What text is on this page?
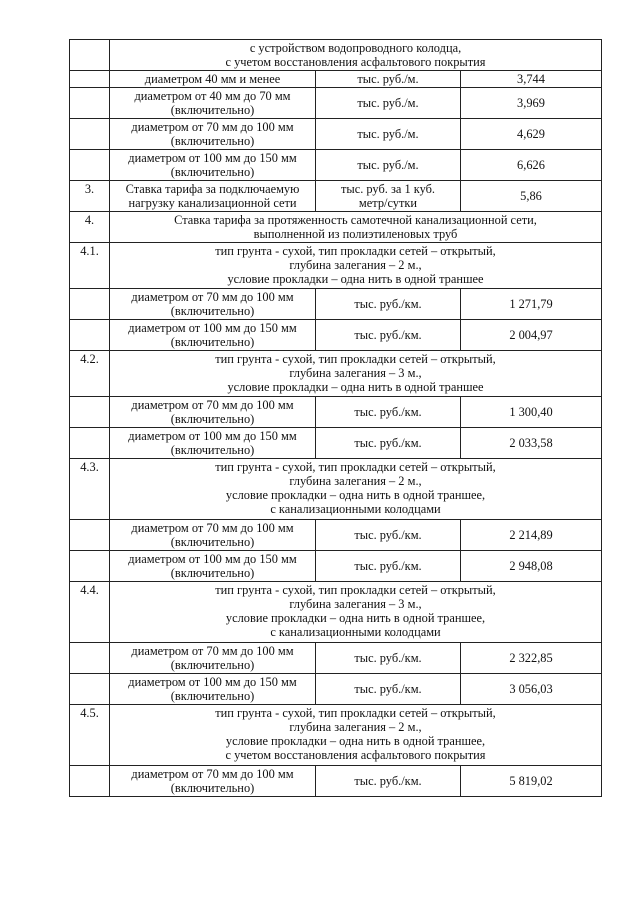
	с устройством водопроводного колодца,
с учетом восстановления асфальтового покрытия		

	диаметром 40 мм и менее	тыс. руб./м.	3,744

	диаметром от 40 мм до 70 мм
(включительно)	тыс. руб./м.	3,969

	диаметром от 70 мм до 100 мм
(включительно)	тыс. руб./м.	4,629

	диаметром от 100 мм до 150 мм
(включительно)	тыс. руб./м.	6,626
3.	Ставка тарифа за подключаемую
нагрузку канализационной сети	тыс. руб. за 1 куб.
метр/сутки	5,86
4.	Ставка тарифа за протяженность самотечной канализационной сети,
выполненной из полиэтиленовых труб		

4.1.	тип грунта - сухой, тип прокладки сетей – открытый,
глубина залегания – 2 м.,
условие прокладки – одна нить в одной траншее		

	диаметром от 70 мм до 100 мм
(включительно)	тыс. руб./км.	1 271,79

	диаметром от 100 мм до 150 мм
(включительно)	тыс. руб./км.	2 004,97
4.2.	тип грунта - сухой, тип прокладки сетей – открытый,
глубина залегания – 3 м.,
условие прокладки – одна нить в одной траншее		

	диаметром от 70 мм до 100 мм
(включительно)	тыс. руб./км.	1 300,40

	диаметром от 100 мм до 150 мм
(включительно)	тыс. руб./км.	2 033,58
4.3.	тип грунта - сухой, тип прокладки сетей – открытый,
глубина залегания – 2 м.,
условие прокладки – одна нить в одной траншее,
с канализационными колодцами		

	диаметром от 70 мм до 100 мм
(включительно)	тыс. руб./км.	2 214,89

	диаметром от 100 мм до 150 мм
(включительно)	тыс. руб./км.	2 948,08
4.4.	тип грунта - сухой, тип прокладки сетей – открытый,
глубина залегания – 3 м.,
условие прокладки – одна нить в одной траншее,
с канализационными колодцами		

	диаметром от 70 мм до 100 мм
(включительно)	тыс. руб./км.	2 322,85

	диаметром от 100 мм до 150 мм
(включительно)	тыс. руб./км.	3 056,03
4.5.	тип грунта - сухой, тип прокладки сетей – открытый,
глубина залегания – 2 м.,
условие прокладки – одна нить в одной траншее,
с учетом восстановления асфальтового покрытия		

	диаметром от 70 мм до 100 мм
(включительно)	тыс. руб./км.	5 819,02
